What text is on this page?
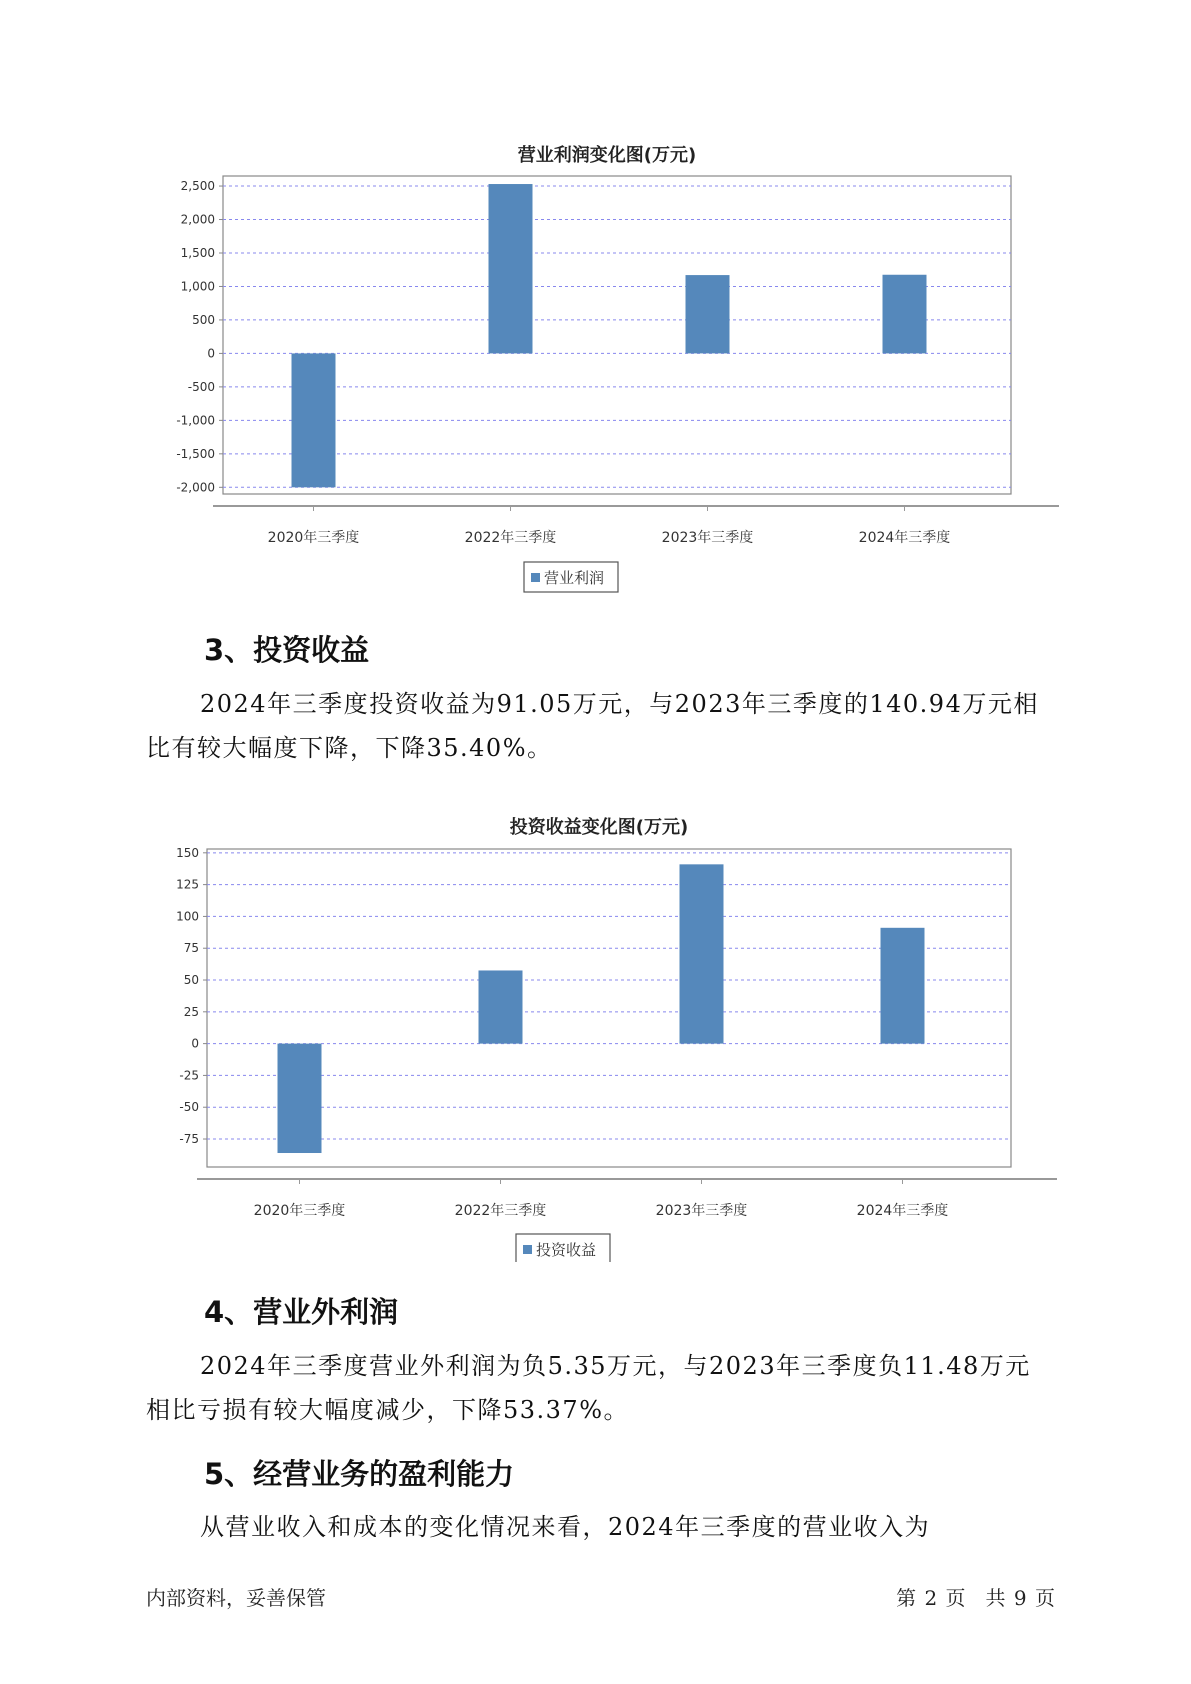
营业利润变化图(万元)
2,500
2,000
1,500
1,000
500
0
-500
-1,000
-1,500
-2,000
2020年三季度	2022年三季度	2023年三季度	2024年三季度
营业利润
3、投资收益

2024年三季度投资收益为91.05万元，与2023年三季度的140.94万元相比有较大幅度下降，下降35.40%。

投资收益变化图(万元)
150
125
100
75
50
25
0
-25
-50
-75
2020年三季度	2022年三季度	2023年三季度	2024年三季度
投资收益
4、营业外利润

2024年三季度营业外利润为负5.35万元，与2023年三季度负11.48万元相比亏损有较大幅度减少，下降53.37%。

5、经营业务的盈利能力

从营业收入和成本的变化情况来看，2024年三季度的营业收入为

内部资料，妥善保管	第 2 页　共 9 页
